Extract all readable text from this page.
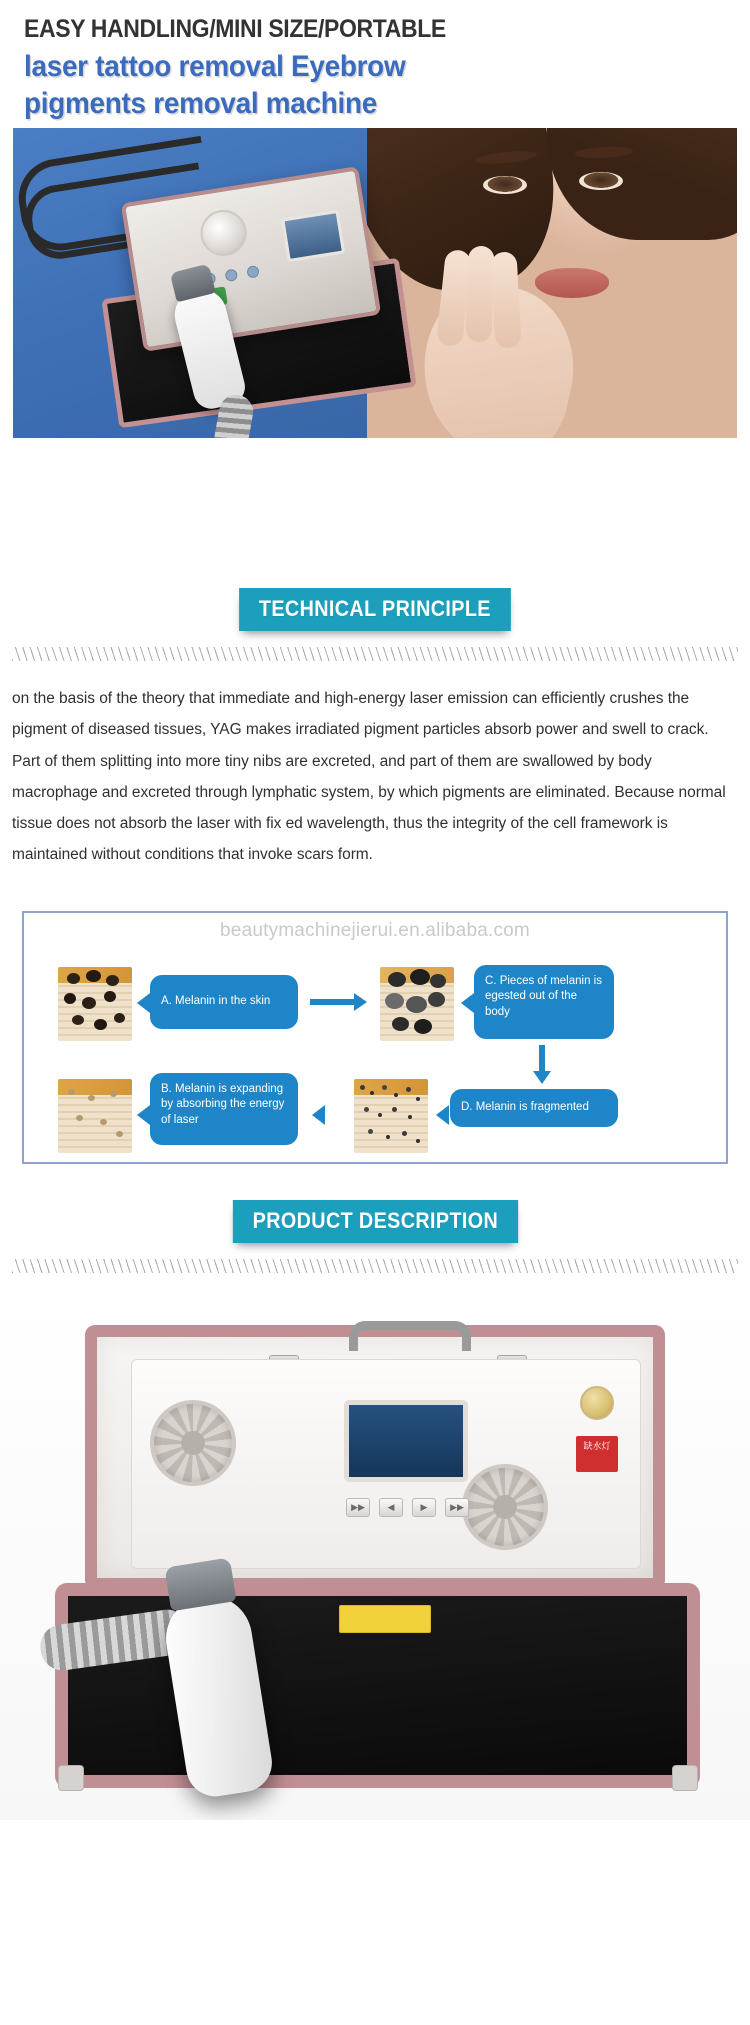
EASY HANDLING/MINI SIZE/PORTABLE
laser tattoo removal Eyebrow
pigments removal machine
TECHNICAL PRINCIPLE
on the basis of the theory that immediate and high-energy laser emission can efficiently crushes the pigment of diseased tissues, YAG makes irradiated pigment particles absorb power and swell to crack. Part of them splitting into more tiny nibs are excreted, and part of them are swallowed by body macrophage and excreted through lymphatic system, by which pigments are eliminated. Because normal tissue does not absorb the laser with fix ed wavelength, thus the integrity of the cell framework is maintained without conditions that invoke scars form.
beautymachinejierui.en.alibaba.com
A. Melanin in the skin
C. Pieces of melanin is egested out of the body
B. Melanin is expanding by absorbing the energy of laser
D. Melanin is fragmented
PRODUCT DESCRIPTION
▶▶	◀	▶	▶▶
缺水灯
